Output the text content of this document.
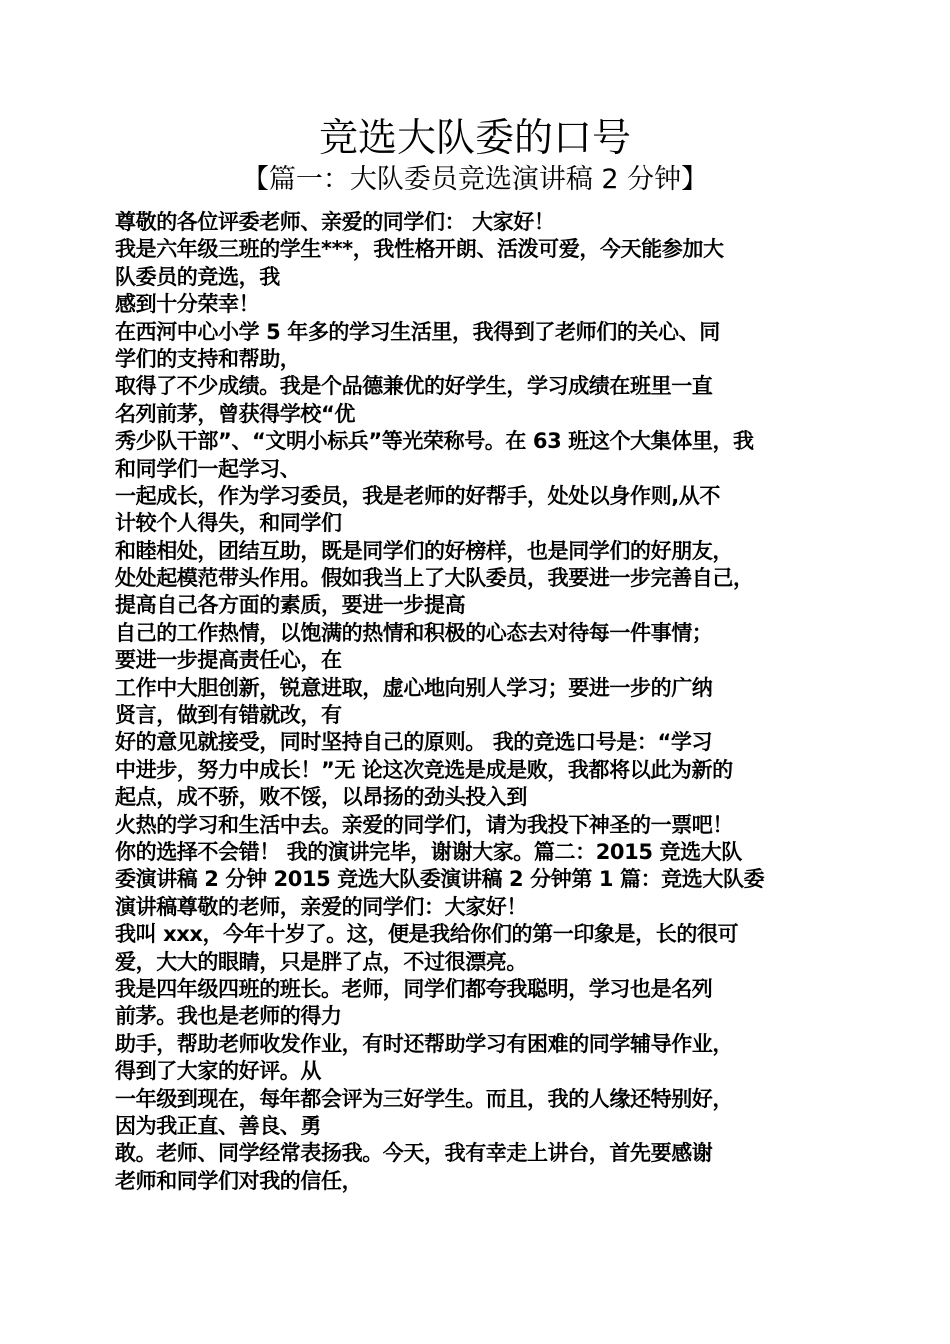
竞选大队委的口号
【篇一：大队委员竞选演讲稿 2 分钟】
尊敬的各位评委老师、亲爱的同学们： 大家好！
我是六年级三班的学生***，我性格开朗、活泼可爱，今天能参加大
队委员的竞选，我
感到十分荣幸！
在西河中心小学 5 年多的学习生活里，我得到了老师们的关心、同
学们的支持和帮助，
取得了不少成绩。我是个品德兼优的好学生，学习成绩在班里一直
名列前茅，曾获得学校“优
秀少队干部”、“文明小标兵”等光荣称号。在 63 班这个大集体里，我
和同学们一起学习、
一起成长，作为学习委员，我是老师的好帮手，处处以身作则,从不
计较个人得失，和同学们
和睦相处，团结互助，既是同学们的好榜样，也是同学们的好朋友，
处处起模范带头作用。假如我当上了大队委员，我要进一步完善自己，
提高自己各方面的素质，要进一步提高
自己的工作热情，以饱满的热情和积极的心态去对待每一件事情；
要进一步提高责任心，在
工作中大胆创新，锐意进取，虚心地向别人学习；要进一步的广纳
贤言，做到有错就改，有
好的意见就接受，同时坚持自己的原则。 我的竞选口号是：“学习
中进步，努力中成长！”无 论这次竞选是成是败，我都将以此为新的
起点，成不骄，败不馁，以昂扬的劲头投入到
火热的学习和生活中去。亲爱的同学们，请为我投下神圣的一票吧！
你的选择不会错！ 我的演讲完毕，谢谢大家。篇二：2015 竞选大队
委演讲稿 2 分钟 2015 竞选大队委演讲稿 2 分钟第 1 篇：竞选大队委
演讲稿尊敬的老师，亲爱的同学们：大家好！
我叫 xxx，今年十岁了。这，便是我给你们的第一印象是，长的很可
爱，大大的眼睛，只是胖了点，不过很漂亮。
我是四年级四班的班长。老师，同学们都夸我聪明，学习也是名列
前茅。我也是老师的得力
助手，帮助老师收发作业，有时还帮助学习有困难的同学辅导作业，
得到了大家的好评。从
一年级到现在，每年都会评为三好学生。而且，我的人缘还特别好，
因为我正直、善良、勇
敢。老师、同学经常表扬我。今天，我有幸走上讲台，首先要感谢
老师和同学们对我的信任，
